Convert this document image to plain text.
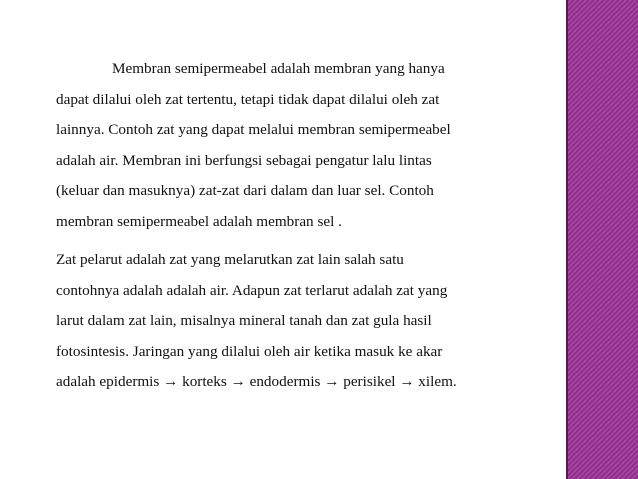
Membran semipermeabel adalah membran yang hanya
dapat dilalui oleh zat tertentu, tetapi tidak dapat dilalui oleh zat
lainnya. Contoh zat yang dapat melalui membran semipermeabel
adalah air. Membran ini berfungsi sebagai pengatur lalu lintas
(keluar dan masuknya) zat-zat dari dalam dan luar sel. Contoh
membran semipermeabel adalah membran sel .

Zat pelarut adalah zat yang melarutkan zat lain salah satu
contohnya adalah adalah air. Adapun zat terlarut adalah zat yang
larut dalam zat lain, misalnya mineral tanah dan zat gula hasil
fotosintesis. Jaringan yang dilalui oleh air ketika masuk ke akar
adalah epidermis → korteks → endodermis → perisikel → xilem.
